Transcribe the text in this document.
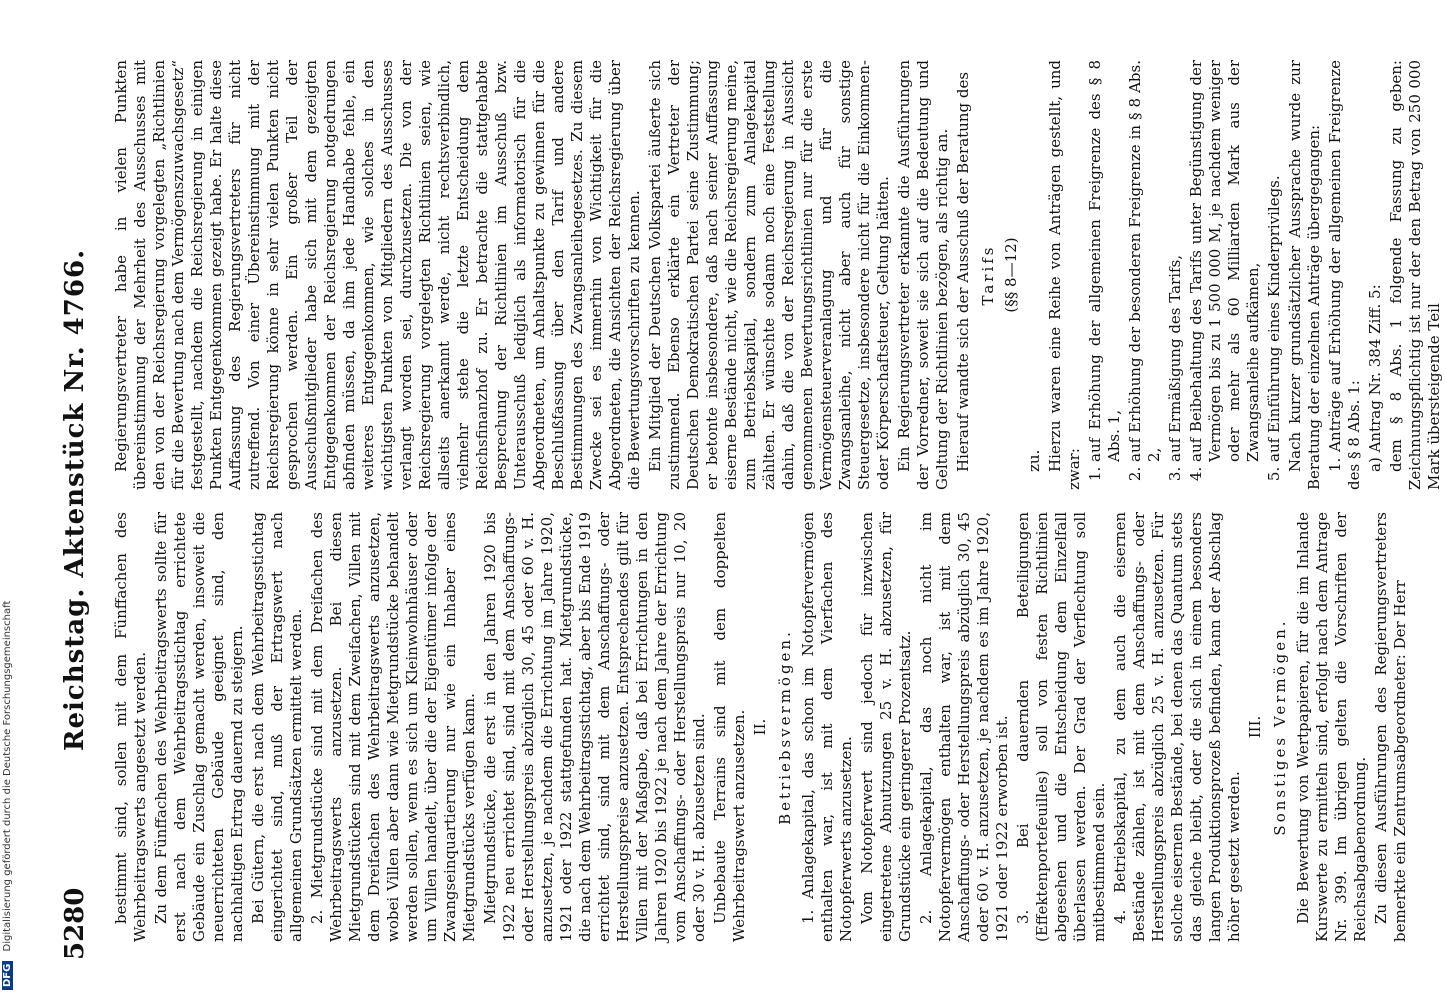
DFG Digitalisierung gefördert durch die Deutsche Forschungsgemeinschaft 5280
Reichstag. Aktenstück Nr. 4766. bestimmt sind, sollen mit dem Fünffachen des Wehrbeitragswerts angesetzt werden. Zu dem Fünffachen des Wehrbeitragswerts sollte für erst nach dem Wehrbeitragsstichtag errichtete Gebäude ein Zuschlag gemacht werden, insoweit die neuerrichteten Gebäude geeignet sind, den nachhaltigen Ertrag dauernd zu steigern. Bei Gütern, die erst nach dem Wehrbeitragsstichtag eingerichtet sind, muß der Ertragswert nach allgemeinen Grundsätzen ermittelt werden. 2. Mietgrundstücke sind mit dem Dreifachen des Wehrbeitragswerts anzusetzen. Bei diesen Mietgrundstücken sind mit dem Zweifachen, Villen mit dem Dreifachen des Wehrbeitragswerts anzusetzen, wobei Villen aber dann wie Mietgrundstücke behandelt werden sollen, wenn es sich um Kleinwohnhäuser oder um Villen handelt, über die der Eigentümer infolge der Zwangseinquartierung nur wie ein Inhaber eines Mietgrundstücks verfügen kann. Mietgrundstücke, die erst in den Jahren 1920 bis 1922 neu errichtet sind, sind mit dem Anschaffungs- oder Herstellungspreis abzüglich 30, 45 oder 60 v. H. anzusetzen, je nachdem die Errichtung im Jahre 1920, 1921 oder 1922 stattgefunden hat. Mietgrundstücke, die nach dem Wehrbeitragsstichtag, aber bis Ende 1919 errichtet sind, sind mit dem Anschaffungs- oder Herstellungspreise anzusetzen. Entsprechendes gilt für Villen mit der Maßgabe, daß bei Errichtungen in den Jahren 1920 bis 1922 je nach dem Jahre der Errichtung vom Anschaffungs- oder Herstellungspreis nur 10, 20 oder 30 v. H. abzusetzen sind. Unbebaute Terrains sind mit dem doppelten Wehrbeitragswert anzusetzen. II. Betriebsvermögen. 1. Anlagekapital, das schon im Notopfervermögen enthalten war, ist mit dem Vierfachen des Notopferwerts anzusetzen. Vom Notopferwert sind jedoch für inzwischen eingetretene Abnutzungen 25 v. H. abzusetzen, für Grundstücke ein geringerer Prozentsatz. 2. Anlagekapital, das noch nicht im Notopfervermögen enthalten war, ist mit dem Anschaffungs- oder Herstellungspreis abzüglich 30, 45 oder 60 v. H. anzusetzen, je nachdem es im Jahre 1920, 1921 oder 1922 erworben ist. 3. Bei dauernden Beteiligungen (Effektenportefeuilles) soll von festen Richtlinien abgesehen und die Entscheidung dem Einzelfall überlassen werden. Der Grad der Verflechtung soll mitbestimmend sein. 4. Betriebskapital, zu dem auch die eisernen Bestände zählen, ist mit dem Anschaffungs- oder Herstellungspreis abzüglich 25 v. H. anzusetzen. Für solche eisernen Bestände, bei denen das Quantum stets das gleiche bleibt, oder die sich in einem besonders langen Produktionsprozeß befinden, kann der Abschlag höher gesetzt werden.

III. Sonstiges Vermögen. Die Bewertung von Wertpapieren, für die im Inlande Kurswerte zu ermitteln sind, erfolgt nach dem Antrage Nr. 399. Im übrigen gelten die Vorschriften der Reichsabgabenordnung. Zu diesen Ausführungen des Regierungsvertreters bemerkte ein Zentrumsabgeordneter: Der Herr

Regierungsvertreter habe in vielen Punkten übereinstimmung der Mehrheit des Ausschusses mit den von der Reichsregierung vorgelegten „Richtlinien für die Bewertung nach dem Vermögenszuwachsgesetz“ festgestellt, nachdem die Reichsregierung in einigen Punkten Entgegenkommen gezeigt habe. Er halte diese Auffassung des Regierungsvertreters für nicht zutreffend. Von einer Übereinstimmung mit der Reichsregierung könne in sehr vielen Punkten nicht gesprochen werden. Ein großer Teil der Ausschußmitglieder habe sich mit dem gezeigten Entgegenkommen der Reichsregierung notgedrungen abfinden müssen, da ihm jede Handhabe fehle, ein weiteres Entgegenkommen, wie solches in den wichtigsten Punkten von Mitgliedern des Ausschusses verlangt worden sei, durchzusetzen. Die von der Reichsregierung vorgelegten Richtlinien seien, wie allseits anerkannt werde, nicht rechtsverbindlich, vielmehr stehe die letzte Entscheidung dem Reichsfinanzhof zu. Er betrachte die stattgehabte Besprechung der Richtlinien im Ausschuß bzw. Unterausschuß lediglich als informatorisch für die Abgeordneten, um Anhaltspunkte zu gewinnen für die Beschlußfassung über den Tarif und andere Bestimmungen des Zwangsanleihegesetzes. Zu diesem Zwecke sei es immerhin von Wichtigkeit für die Abgeordneten, die Ansichten der Reichsregierung über die Bewertungsvorschriften zu kennen. Ein Mitglied der Deutschen Volkspartei äußerte sich zustimmend. Ebenso erklärte ein Vertreter der Deutschen Demokratischen Partei seine Zustimmung; er betonte insbesondere, daß nach seiner Auffassung eiserne Bestände nicht, wie die Reichsregierung meine, zum Betriebskapital, sondern zum Anlagekapital zählten. Er wünschte sodann noch eine Feststellung dahin, daß die von der Reichsregierung in Aussicht genommenen Bewertungsrichtlinien nur für die erste Vermögensteuerveranlagung und für die Zwangsanleihe, nicht aber auch für sonstige Steuergesetze, insbesondere nicht für die Einkommen- oder Körperschaftsteuer, Geltung hätten. Ein Regierungsvertreter erkannte die Ausführungen der Vorredner, soweit sie sich auf die Bedeutung und Geltung der Richtlinien bezögen, als richtig an. Hierauf wandte sich der Ausschuß der Beratung des Tarifs (§§ 8—12)

zu. Hierzu waren eine Reihe von Anträgen gestellt, und zwar:

1. auf Erhöhung der allgemeinen Freigrenze des § 8 Abs. 1, 2. auf Erhöhung der besonderen Freigrenze in § 8 Abs. 2, 3. auf Ermäßigung des Tarifs, 4. auf Beibehaltung des Tarifs unter Begünstigung der Vermögen bis zu 1 500 000 M, je nachdem weniger oder mehr als 60 Milliarden Mark aus der Zwangsanleihe aufkämen, 5. auf Einführung eines Kinderprivilegs. Nach kurzer grundsätzlicher Aussprache wurde zur Beratung der einzelnen Anträge übergegangen: 1. Anträge auf Erhöhung der allgemeinen Freigrenze des § 8 Abs. 1: a) Antrag Nr. 384 Ziff. 5: dem § 8 Abs. 1 folgende Fassung zu geben: Zeichnungspflichtig ist nur der den Betrag von 250 000 Mark übersteigende Teil
